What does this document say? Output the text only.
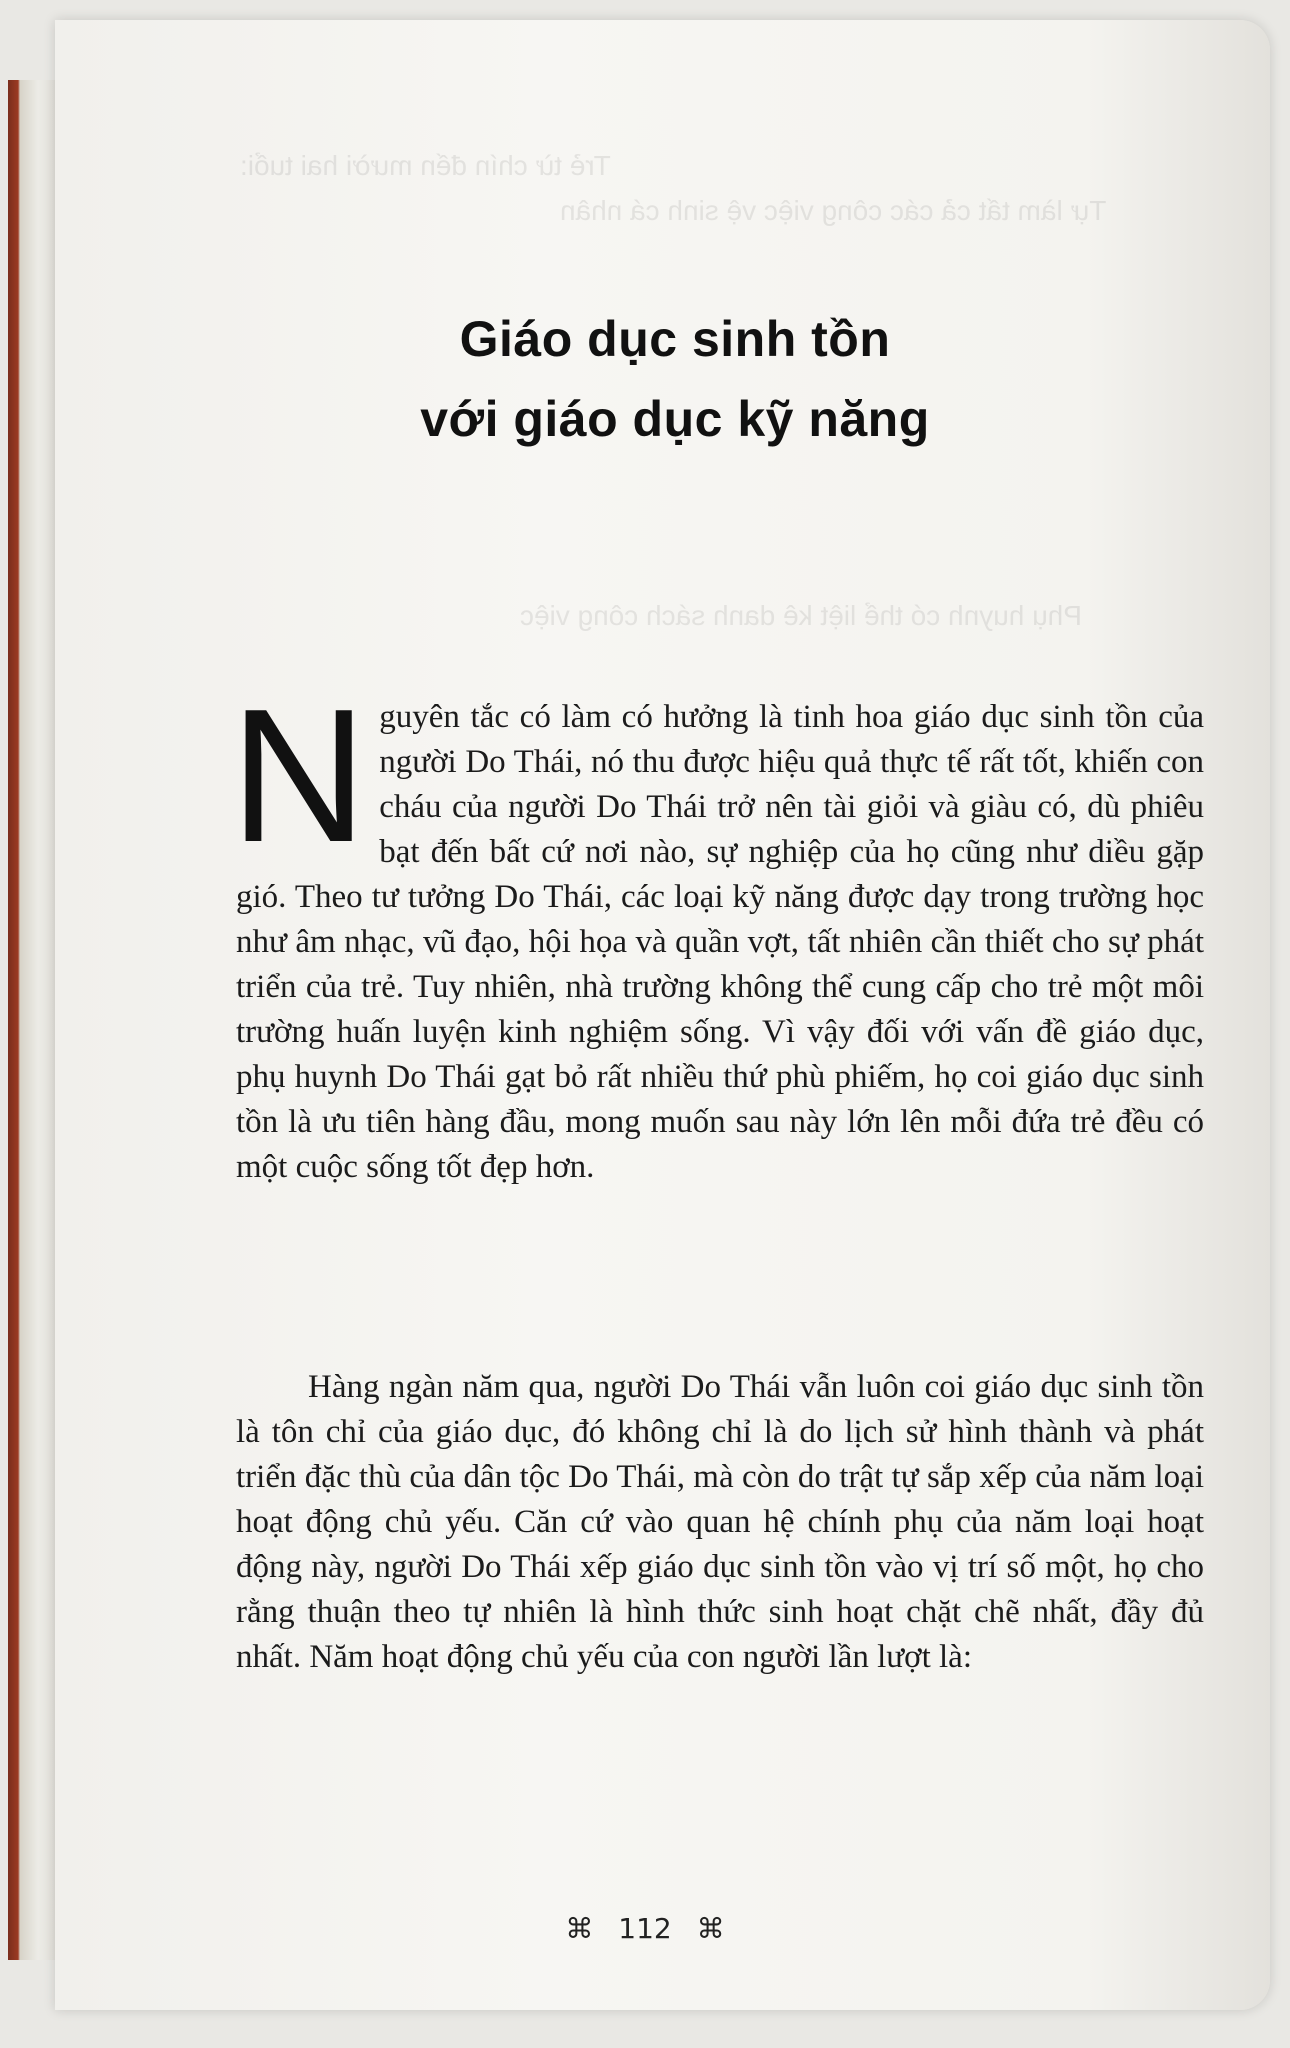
Trẻ từ chín đến mười hai tuổi:
Tự làm tất cả các công việc vệ sinh cá nhân
Phụ huynh có thể liệt kê danh sách công việc
Giáo dục sinh tồn
với giáo dục kỹ năng

Nguyên tắc có làm có hưởng là tinh hoa giáo dục sinh tồn của người Do Thái, nó thu được hiệu quả thực tế rất tốt, khiến con cháu của người Do Thái trở nên tài giỏi và giàu có, dù phiêu bạt đến bất cứ nơi nào, sự nghiệp của họ cũng như diều gặp gió. Theo tư tưởng Do Thái, các loại kỹ năng được dạy trong trường học như âm nhạc, vũ đạo, hội họa và quần vợt, tất nhiên cần thiết cho sự phát triển của trẻ. Tuy nhiên, nhà trường không thể cung cấp cho trẻ một môi trường huấn luyện kinh nghiệm sống. Vì vậy đối với vấn đề giáo dục, phụ huynh Do Thái gạt bỏ rất nhiều thứ phù phiếm, họ coi giáo dục sinh tồn là ưu tiên hàng đầu, mong muốn sau này lớn lên mỗi đứa trẻ đều có một cuộc sống tốt đẹp hơn.

Hàng ngàn năm qua, người Do Thái vẫn luôn coi giáo dục sinh tồn là tôn chỉ của giáo dục, đó không chỉ là do lịch sử hình thành và phát triển đặc thù của dân tộc Do Thái, mà còn do trật tự sắp xếp của năm loại hoạt động chủ yếu. Căn cứ vào quan hệ chính phụ của năm loại hoạt động này, người Do Thái xếp giáo dục sinh tồn vào vị trí số một, họ cho rằng thuận theo tự nhiên là hình thức sinh hoạt chặt chẽ nhất, đầy đủ nhất. Năm hoạt động chủ yếu của con người lần lượt là:

⌘ 112 ⌘
